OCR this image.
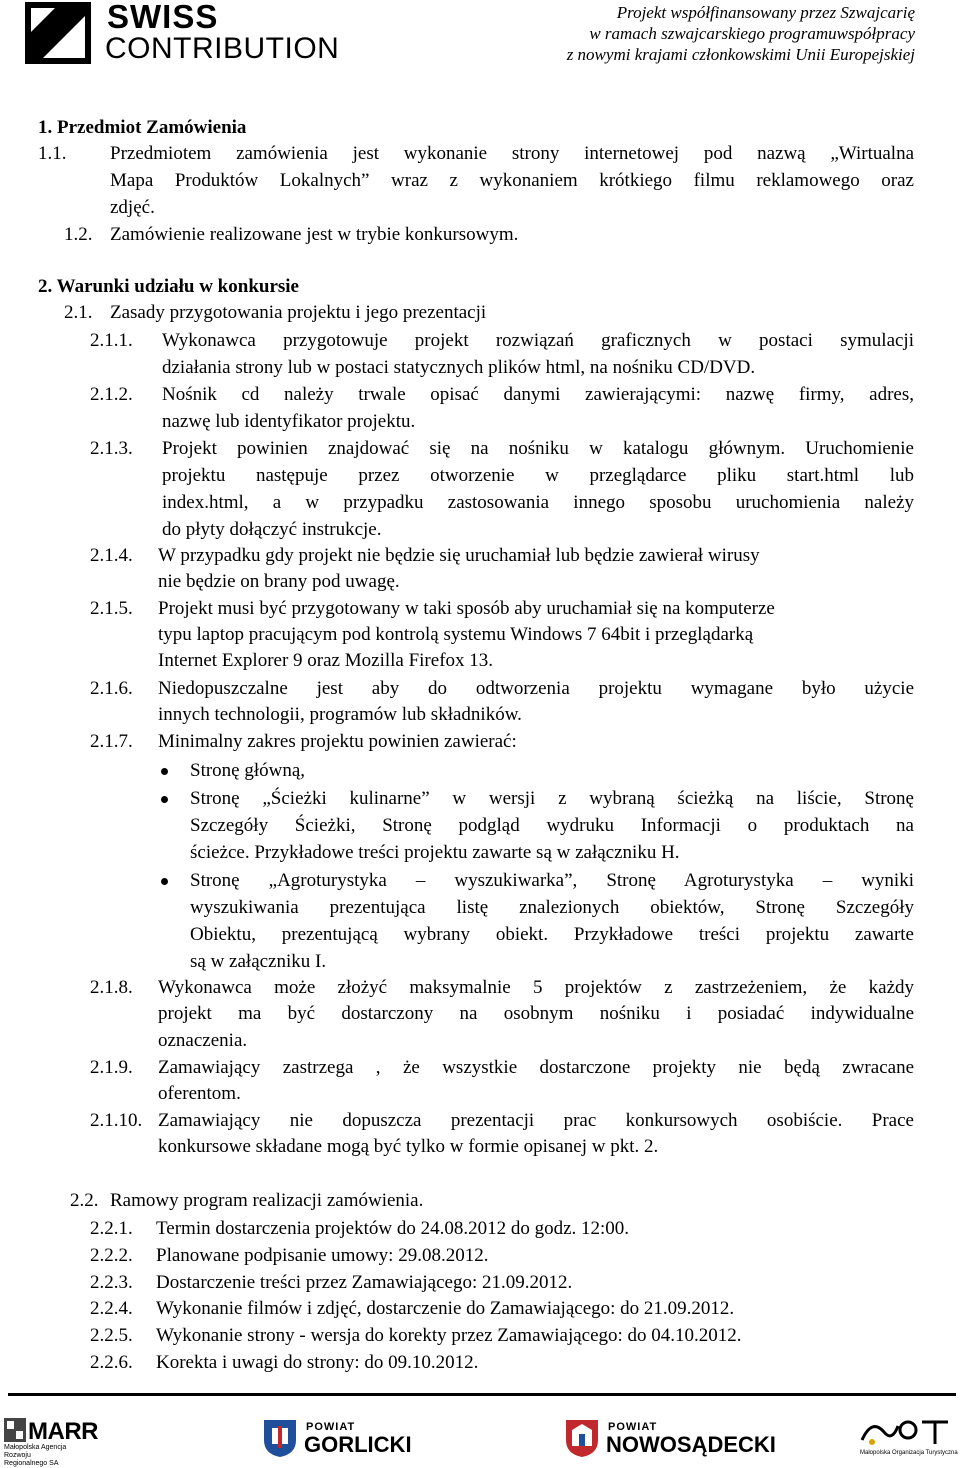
SWISS
CONTRIBUTION
Projekt współfinansowany przez Szwajcarię
w ramach szwajcarskiego programuwspółpracy
z nowymi krajami członkowskimi Unii Europejskiej
1. Przedmiot Zamówienia
1.1. Przedmiotem zamówienia jest wykonanie strony internetowej pod nazwą „Wirtualna
Mapa Produktów Lokalnych” wraz z wykonaniem krótkiego filmu reklamowego oraz
zdjęć.
1.2. Zamówienie realizowane jest w trybie konkursowym.
2. Warunki udziału w konkursie
2.1. Zasady przygotowania projektu i jego prezentacji
2.1.1. Wykonawca przygotowuje projekt rozwiązań graficznych w postaci symulacji
działania strony lub w postaci statycznych plików html, na nośniku CD/DVD.
2.1.2. Nośnik cd należy trwale opisać danymi zawierającymi: nazwę firmy, adres,
nazwę lub identyfikator projektu.
2.1.3. Projekt powinien znajdować się na nośniku w katalogu głównym. Uruchomienie
projektu następuje przez otworzenie w przeglądarce pliku start.html lub
index.html, a w przypadku zastosowania innego sposobu uruchomienia należy
do płyty dołączyć instrukcje.
2.1.4. W przypadku gdy projekt nie będzie się uruchamiał lub będzie zawierał wirusy
nie będzie on brany pod uwagę.
2.1.5. Projekt musi być przygotowany w taki sposób aby uruchamiał się na komputerze
typu laptop pracującym pod kontrolą systemu Windows 7 64bit i przeglądarką
Internet Explorer 9 oraz Mozilla Firefox 13.
2.1.6. Niedopuszczalne jest aby do odtworzenia projektu wymagane było użycie
innych technologii, programów lub składników.
2.1.7. Minimalny zakres projektu powinien zawierać:
Stronę główną,
Stronę „Ścieżki kulinarne” w wersji z wybraną ścieżką na liście, Stronę
Szczegóły Ścieżki, Stronę podgląd wydruku Informacji o produktach na
ścieżce. Przykładowe treści projektu zawarte są w załączniku H.
Stronę „Agroturystyka – wyszukiwarka”, Stronę Agroturystyka – wyniki
wyszukiwania prezentująca listę znalezionych obiektów, Stronę Szczegóły
Obiektu, prezentującą wybrany obiekt. Przykładowe treści projektu zawarte
są w załączniku I.
2.1.8. Wykonawca może złożyć maksymalnie 5 projektów z zastrzeżeniem, że każdy
projekt ma być dostarczony na osobnym nośniku i posiadać indywidualne
oznaczenia.
2.1.9. Zamawiający zastrzega , że wszystkie dostarczone projekty nie będą zwracane
oferentom.
2.1.10. Zamawiający nie dopuszcza prezentacji prac konkursowych osobiście. Prace
konkursowe składane mogą być tylko w formie opisanej w pkt. 2.
2.2. Ramowy program realizacji zamówienia.
2.2.1. Termin dostarczenia projektów do 24.08.2012 do godz. 12:00.
2.2.2. Planowane podpisanie umowy: 29.08.2012.
2.2.3. Dostarczenie treści przez Zamawiającego: 21.09.2012.
2.2.4. Wykonanie filmów i zdjęć, dostarczenie do Zamawiającego: do 21.09.2012.
2.2.5. Wykonanie strony - wersja do korekty przez Zamawiającego: do 04.10.2012.
2.2.6. Korekta i uwagi do strony: do 09.10.2012.
MARR
Małopolska Agencja Rozwoju Regionalnego SA
POWIAT
GORLICKI
POWIAT
NOWOSĄDECKI	Małopolska Organizacja Turystyczna
